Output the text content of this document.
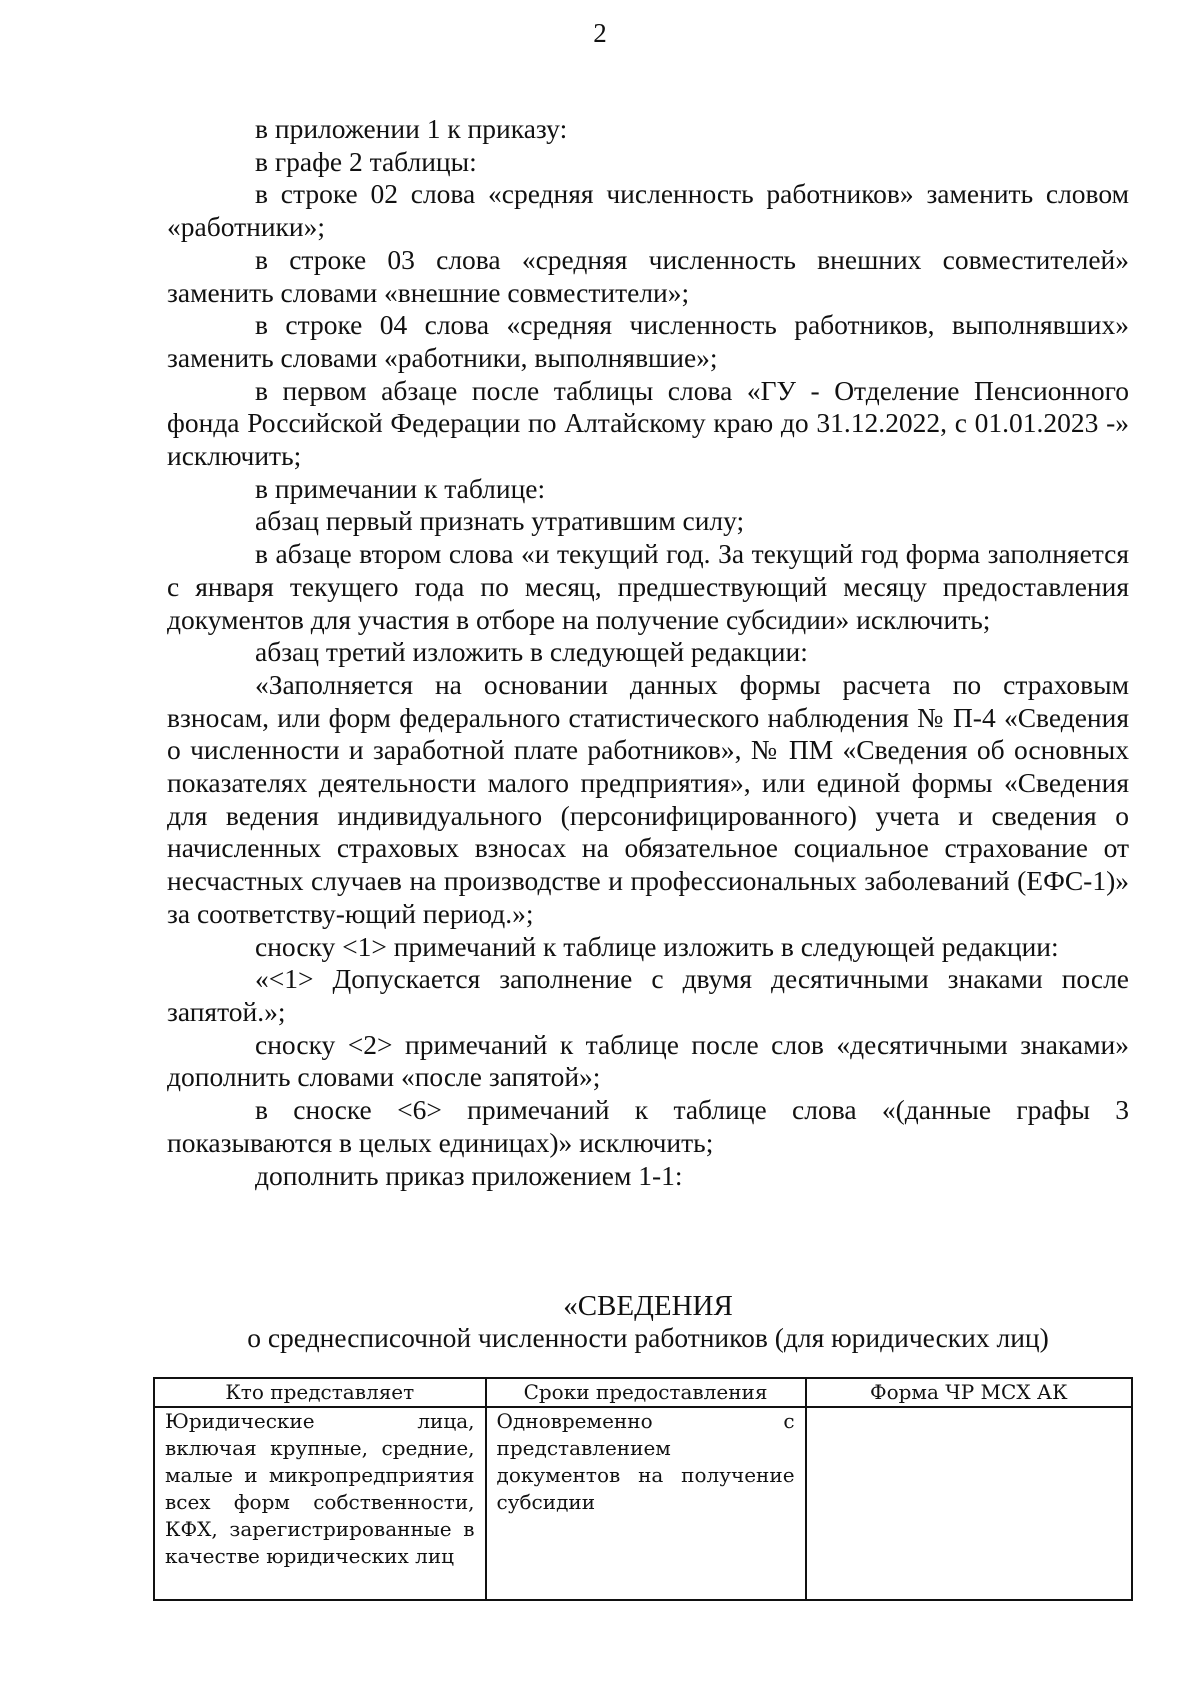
2

в приложении 1 к приказу:

в графе 2 таблицы:

в строке 02 слова «средняя численность работников» заменить словом «работники»;

в строке 03 слова «средняя численность внешних совместителей» заменить словами «внешние совместители»;

в строке 04 слова «средняя численность работников, выполнявших» заменить словами «работники, выполнявшие»;

в первом абзаце после таблицы слова «ГУ - Отделение Пенсионного фонда Российской Федерации по Алтайскому краю до 31.12.2022, с 01.01.2023 -» исключить;

в примечании к таблице:

абзац первый признать утратившим силу;

в абзаце втором слова «и текущий год. За текущий год форма заполняется с января текущего года по месяц, предшествующий месяцу предоставления документов для участия в отборе на получение субсидии» исключить;

абзац третий изложить в следующей редакции:

«Заполняется на основании данных формы расчета по страховым взносам, или форм федерального статистического наблюдения № П-4 «Сведения о численности и заработной плате работников», № ПМ «Сведения об основных показателях деятельности малого предприятия», или единой формы «Сведения для ведения индивидуального (персонифицированного) учета и сведения о начисленных страховых взносах на обязательное социальное страхование от несчастных случаев на производстве и профессиональных заболеваний (ЕФС-1)» за соответству-ющий период.»;

сноску <1> примечаний к таблице изложить в следующей редакции:

«<1> Допускается заполнение с двумя десятичными знаками после запятой.»;

сноску <2> примечаний к таблице после слов «десятичными знаками» дополнить словами «после запятой»;

в сноске <6> примечаний к таблице слова «(данные графы 3 показываются в целых единицах)» исключить;

дополнить приказ приложением 1-1:

«СВЕДЕНИЯ
о среднесписочной численности работников (для юридических лиц)
Кто представляет	Сроки предоставления	Форма ЧР МСХ АК

Юридические лица, включая крупные, средние, малые и микропредприятия всех форм собственности, КФХ, зарегистрированные в качестве юридических лиц	Одновременно с представлением документов на получение субсидии	
